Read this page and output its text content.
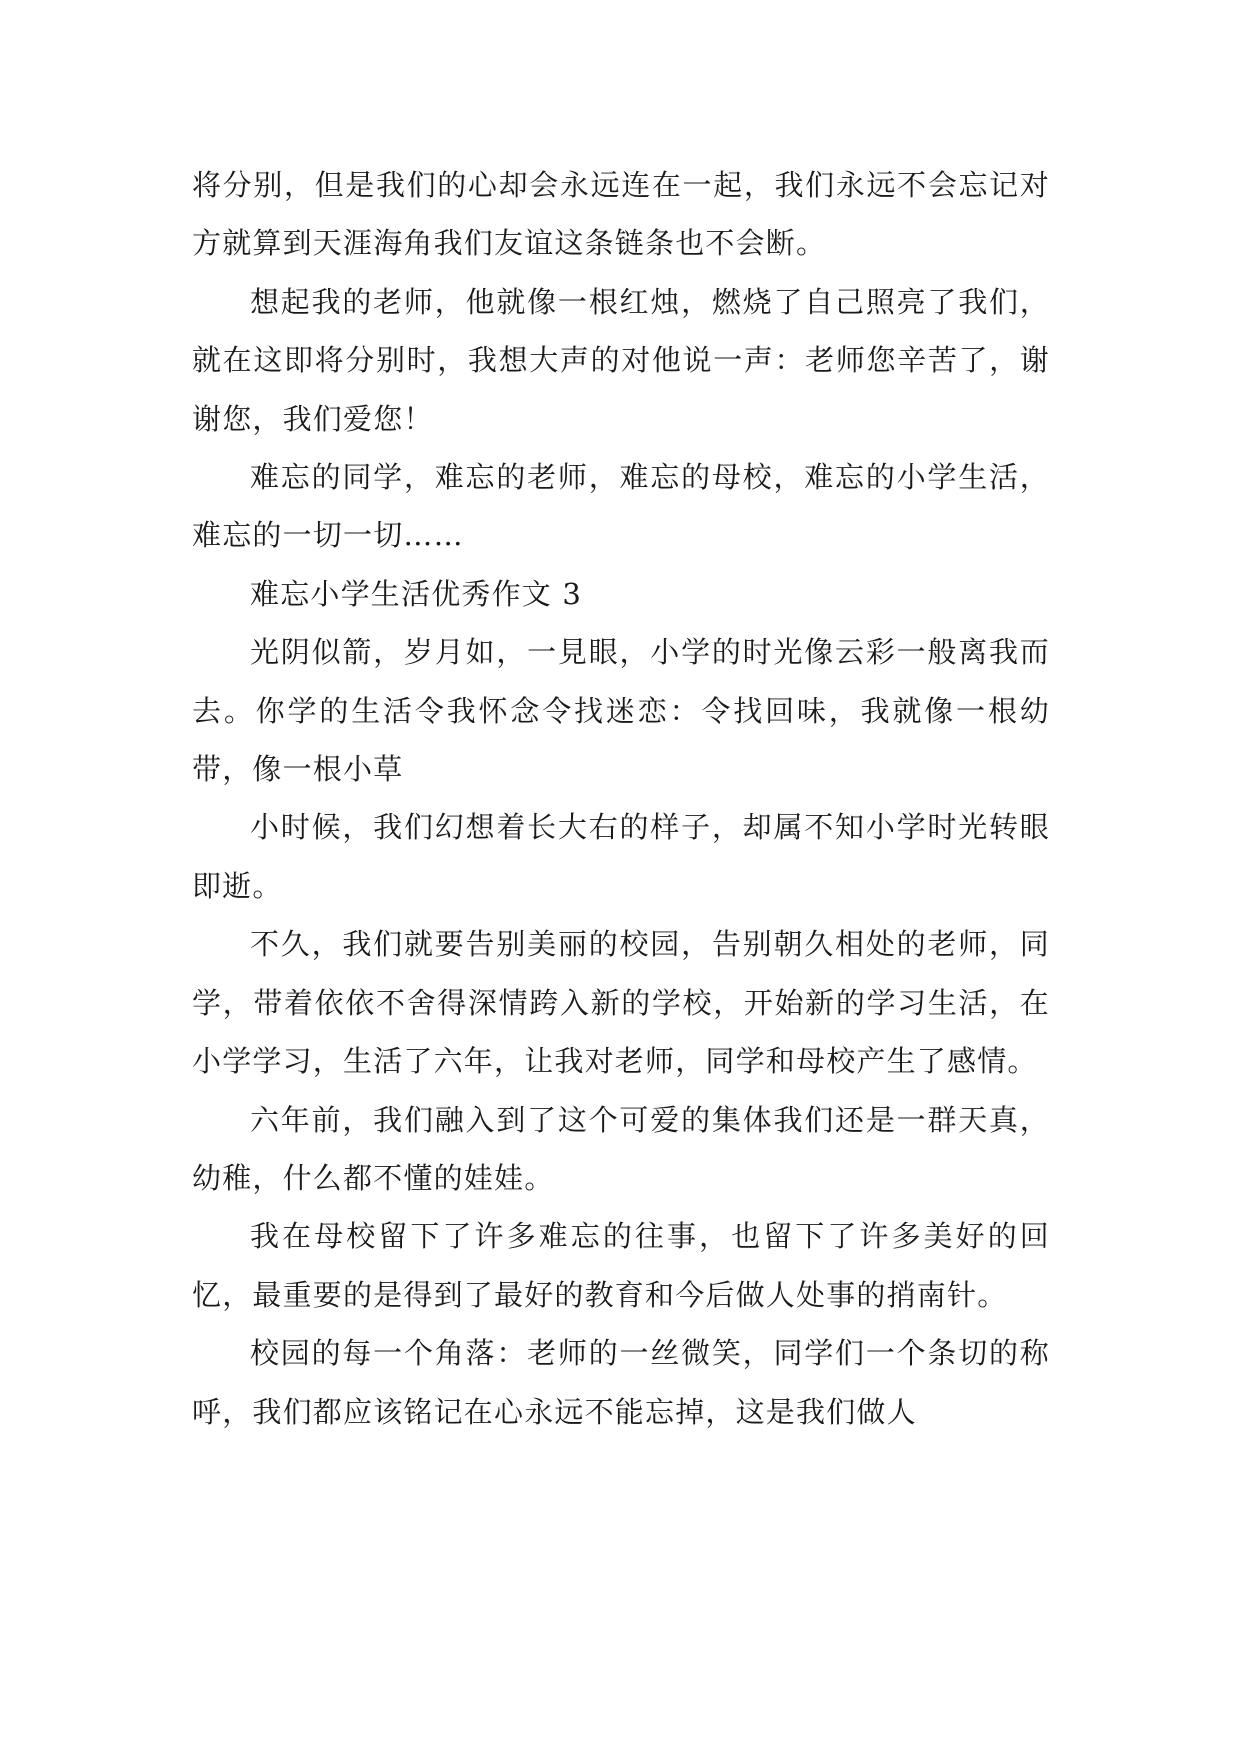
将分别，但是我们的心却会永远连在一起，我们永远不会忘记对方就算到天涯海角我们友谊这条链条也不会断。

想起我的老师，他就像一根红烛，燃烧了自己照亮了我们，就在这即将分别时，我想大声的对他说一声：老师您辛苦了，谢谢您，我们爱您！

难忘的同学，难忘的老师，难忘的母校，难忘的小学生活，难忘的一切一切……

难忘小学生活优秀作文 3

光阴似箭，岁月如，一見眼，小学的时光像云彩一般离我而去。你学的生活令我怀念令找迷恋：令找回味，我就像一根幼带，像一根小草

小时候，我们幻想着长大右的样子，却属不知小学时光转眼即逝。

不久，我们就要告别美丽的校园，告别朝久相处的老师，同学，带着依依不舍得深情跨入新的学校，开始新的学习生活，在小学学习，生活了六年，让我对老师，同学和母校产生了感情。

六年前，我们融入到了这个可爱的集体我们还是一群天真，幼稚，什么都不懂的娃娃。

我在母校留下了许多难忘的往事，也留下了许多美好的回忆，最重要的是得到了最好的教育和今后做人处事的捎南针。

校园的每一个角落：老师的一丝微笑，同学们一个条切的称呼，我们都应该铭记在心永远不能忘掉，这是我们做人
